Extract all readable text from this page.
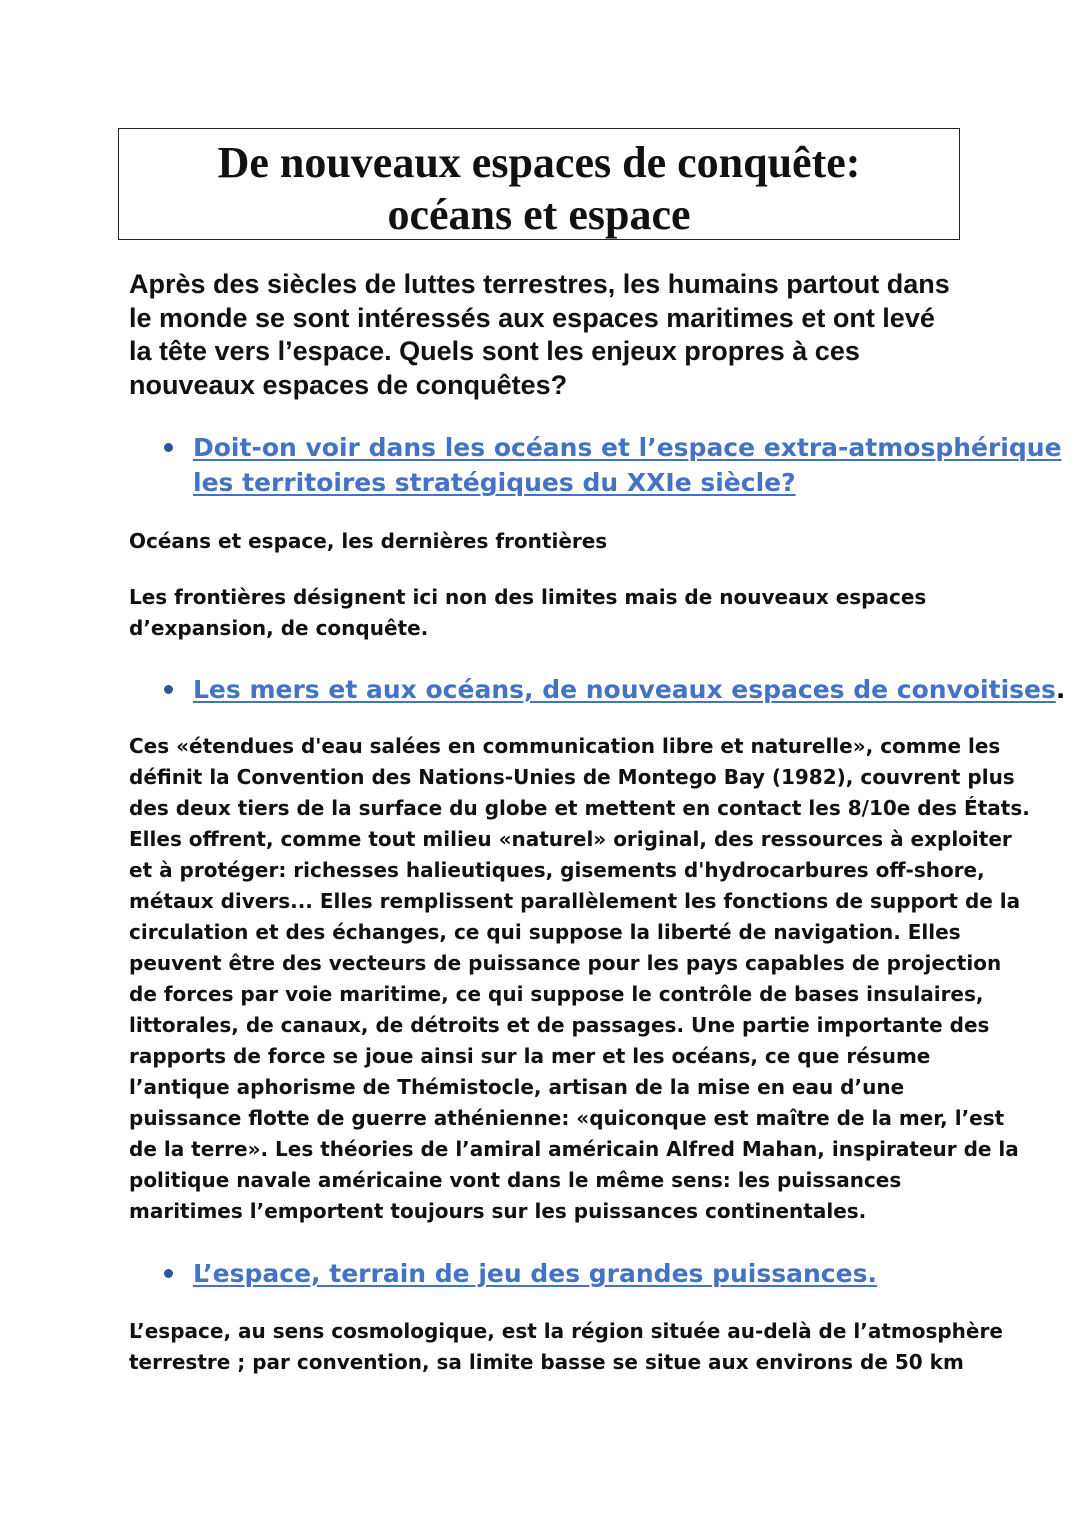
De nouveaux espaces de conquête:
océans et espace

Après des siècles de luttes terrestres, les humains partout dans le monde se sont intéressés aux espaces maritimes et ont levé la tête vers l’espace. Quels sont les enjeux propres à ces nouveaux espaces de conquêtes?

Doit-on voir dans les océans et l’espace extra-atmosphérique
les territoires stratégiques du XXIe siècle?

Océans et espace, les dernières frontières

Les frontières désignent ici non des limites mais de nouveaux espaces
d’expansion, de conquête.

Les mers et aux océans, de nouveaux espaces de convoitises.

Ces «étendues d'eau salées en communication libre et naturelle», comme les
définit la Convention des Nations-Unies de Montego Bay (1982), couvrent plus
des deux tiers de la surface du globe et mettent en contact les 8/10e des États.
Elles offrent, comme tout milieu «naturel» original, des ressources à exploiter
et à protéger: richesses halieutiques, gisements d'hydrocarbures off-shore,
métaux divers... Elles remplissent parallèlement les fonctions de support de la
circulation et des échanges, ce qui suppose la liberté de navigation. Elles
peuvent être des vecteurs de puissance pour les pays capables de projection
de forces par voie maritime, ce qui suppose le contrôle de bases insulaires,
littorales, de canaux, de détroits et de passages. Une partie importante des
rapports de force se joue ainsi sur la mer et les océans, ce que résume
l’antique aphorisme de Thémistocle, artisan de la mise en eau d’une
puissance flotte de guerre athénienne: «quiconque est maître de la mer, l’est
de la terre». Les théories de l’amiral américain Alfred Mahan, inspirateur de la
politique navale américaine vont dans le même sens: les puissances
maritimes l’emportent toujours sur les puissances continentales.

L’espace, terrain de jeu des grandes puissances.

L’espace, au sens cosmologique, est la région située au-delà de l’atmosphère
terrestre ; par convention, sa limite basse se situe aux environs de 50 km
